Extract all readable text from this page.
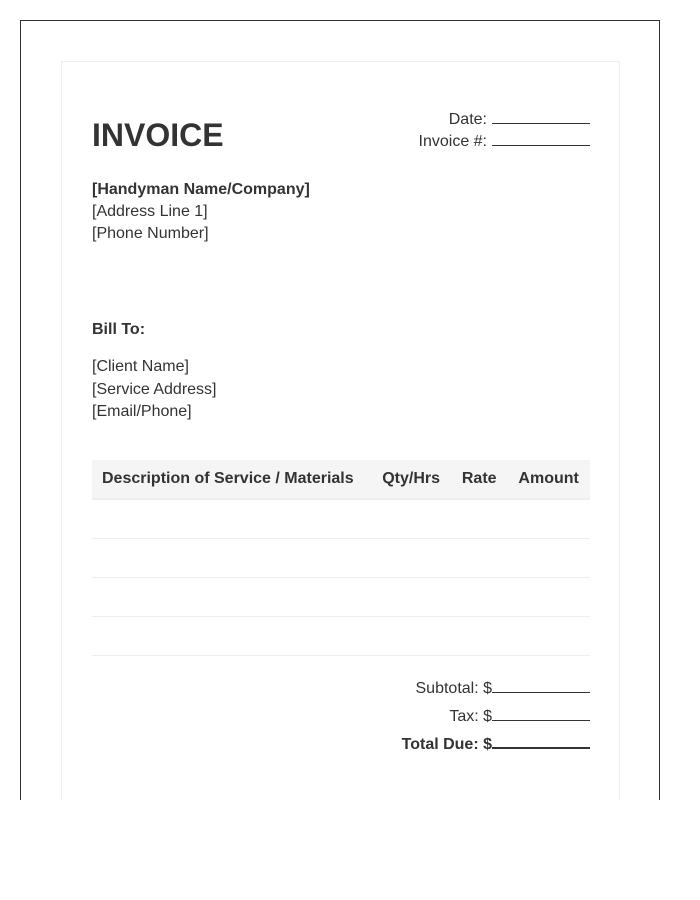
INVOICE	Date:
Invoice #:
[Handyman Name/Company]
[Address Line 1]
[Phone Number]
Bill To:
[Client Name]
[Service Address]
[Email/Phone]
Description of Service / Materials	Qty/Hrs	Rate	Amount

Subtotal: $
Tax: $
Total Due: $
